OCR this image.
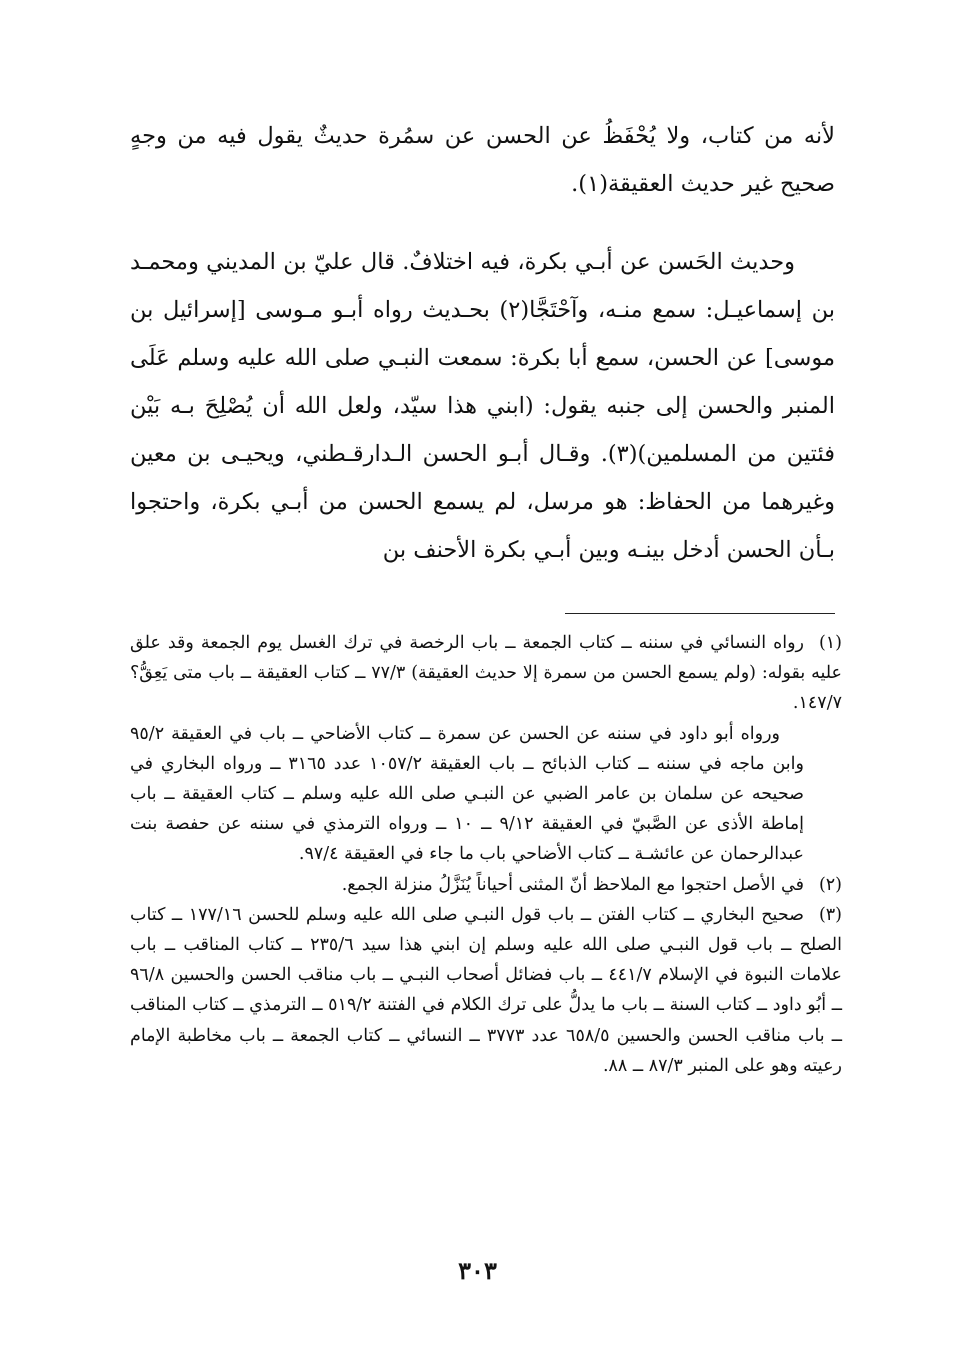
لأنه من كتاب، ولا يُحْفَظُ عن الحسن عن سمُرة حديثٌ يقول فيه من وجهٍ صحيح غير حديث العقيقة(١).

وحديث الحَسن عن أبـي بكرة، فيه اختلافٌ. قال عليّ بن المديني ومحمـد بن إسماعيـل: سمع منـه، وآحْتَجَّا(٢) بحـديث رواه أبـو مـوسى [إسرائيل بن موسى] عن الحسن، سمع أبا بكرة: سمعت النبـي صلى الله عليه وسلم عَلَى المنبر والحسن إلى جنبه يقول: (ابني هذا سيّد، ولعل الله أن يُصْلِحَ بـه بَيْن فئتين من المسلمين)(٣). وقـال أبـو الحسن الـدارقـطني، ويحيـى بن معين وغيرهما من الحفاظ: هو مرسل، لم يسمع الحسن من أبـي بكرة، واحتجوا بـأن الحسن أدخل بينـه وبين أبـي بكرة الأحنف بن

(١)رواه النسائي في سننه ــ كتاب الجمعة ــ باب الرخصة في ترك الغسل يوم الجمعة وقد علق عليه بقوله: (ولم يسمع الحسن من سمرة إلا حديث العقيقة) ٧٧/٣ ــ كتاب العقيقة ــ باب متى يَعِقُّ؟ ١٤٧/٧.

ورواه أبو داود في سننه عن الحسن عن سمرة ــ كتاب الأضاحي ــ باب في العقيقة ٩٥/٢ وابن ماجه في سننه ــ كتاب الذبائح ــ باب العقيقة ١٠٥٧/٢ عدد ٣١٦٥ ــ ورواه البخاري في صحيحه عن سلمان بن عامر الضبي عن النبـي صلى الله عليه وسلم ــ كتاب العقيقة ــ باب إماطة الأذى عن الصَّبيّ في العقيقة ٩/١٢ ــ ١٠ ــ ورواه الترمذي في سننه عن حفصة بنت عبدالرحمان عن عائشـة ــ كتاب الأضاحي باب ما جاء في العقيقة ٩٧/٤.

(٢)في الأصل احتجوا مع الملاحظ أنّ المثنى أحياناً يُنَزَّلُ منزلة الجمع.

(٣)صحيح البخاري ــ كتاب الفتن ــ باب قول النبـي صلى الله عليه وسلم للحسن ١٧٧/١٦ ــ كتاب الصلح ــ باب قول النبـي صلى الله عليه وسلم إن ابني هذا سيد ٢٣٥/٦ ــ كتاب المناقب ــ باب علامات النبوة في الإسلام ٤٤١/٧ ــ باب فضائل أصحاب النبـي ــ باب مناقب الحسن والحسين ٩٦/٨ ــ أبُو داود ــ كتاب السنة ــ باب ما يدلُّ على ترك الكلام في الفتنة ٥١٩/٢ ــ الترمذي ــ كتاب المناقب ــ باب مناقب الحسن والحسين ٦٥٨/٥ عدد ٣٧٧٣ ــ النسائي ــ كتاب الجمعة ــ باب مخاطبة الإمام رعيته وهو على المنبر ٨٧/٣ ــ ٨٨.

٣٠٣
